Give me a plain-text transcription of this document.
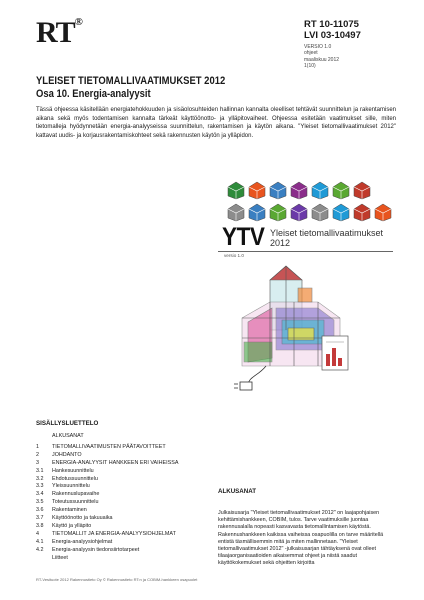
RT®	RT 10-11075
LVI 03-10497
VERSIO 1.0
ohjeet
maaliskuu 2012
1(10)
YLEISET TIETOMALLIVAATIMUKSET 2012
Osa 10. Energia-analyysit

Tässä ohjeessa käsitellään energiatehokkuuden ja sisäolosuhteiden hallinnan kannalta oleelliset tehtävät suunnittelun ja rakentamisen aikana sekä myös todentamisen kannalta tärkeät käyttöönotto- ja ylläpitovaiheet. Ohjeessa esitetään vaatimukset sille, miten tietomalleja hyödynnetään energia-analyyseissa suunnittelun, rakentamisen ja käytön aikana. "Yleiset tietomallivaatimukset 2012" kattavat uudis- ja korjausrakentamiskohteet sekä rakennusten käytön ja ylläpidon.

YTV Yleiset tietomallivaatimukset
2012
versio 1.0
SISÄLLYSLUETTELO
ALKUSANAT
1	TIETOMALLIVAATIMUSTEN PÄÄTAVOITTEET
2	JOHDANTO
3	ENERGIA-ANALYYSIT HANKKEEN ERI VAIHEISSA
3.1	Hankesuunnittelu
3.2	Ehdotussuunnittelu
3.3	Yleissuunnittelu
3.4	Rakennuslupavaihe
3.5	Toteutussuunnittelu
3.6	Rakentaminen
3.7	Käyttöönotto ja takuuaika
3.8	Käyttö ja ylläpito
4	TIETOMALLIT JA ENERGIA-ANALYYSIOHJELMAT
4.1	Energia-analyysiohjelmat
4.2	Energia-analyysin tiedonsiirtotarpeet
Liitteet
ALKUSANAT

Julkaisusarja "Yleiset tietomallivaatimukset 2012" on laajapohjaisen kehittämishankkeen, COBIM, tulos. Tarve vaatimuksille juontaa rakennusalalla nopeasti kasvavasta tietomallintamisen käytöstä. Rakennushankkeen kaikissa vaiheissa osapuolilla on tarve määritellä entistä täsmällisemmin mitä ja miten mallinnetaan. "Yleiset tietomallivaatimukset 2012" -julkaisusarjan tähtäyksenä ovat olleet tilaajaorganisaatioiden aikaisemmat ohjeet ja niistä saadut käyttökokemukset sekä ohjeitten kirjoitta

RT-Vesituote 2012 Rakennustieto Oy © Rakennustieto RT:n ja COBIM-hankkeen osapuolet
